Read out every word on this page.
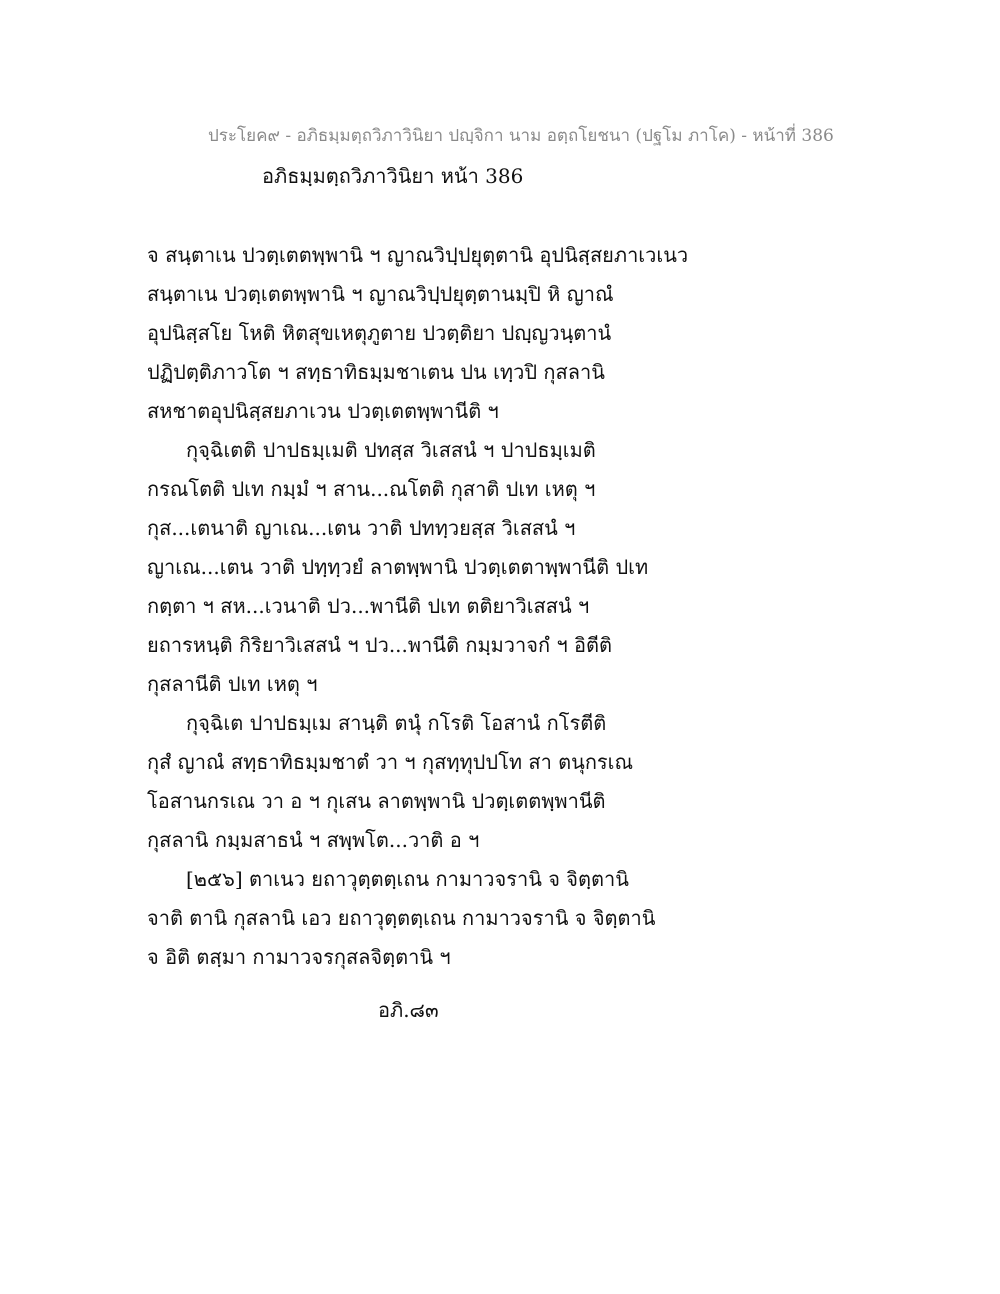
ประโยค๙ - อภิธมฺมตฺถวิภาวินิยา ปญฺจิกา นาม อตฺถโยชนา (ปฐโม ภาโค) - หน้าที่ 386
อภิธมฺมตฺถวิภาวินิยา หน้า 386
จ สนฺตาเน ปวตฺเตตพฺพานิ ฯ ญาณวิปฺปยุตฺตานิ อุปนิสฺสยภาเวเนว
สนฺตาเน ปวตฺเตตพฺพานิ ฯ ญาณวิปฺปยุตฺตานมฺปิ หิ ญาณํ
อุปนิสฺสโย โหติ หิตสุขเหตุภูตาย ปวตฺติยา ปญฺญวนฺตานํ
ปฏิปตฺติภาวโต ฯ สทฺธาทิธมฺมชาเตน ปน เทฺวปิ กุสลานิ
สหชาตอุปนิสฺสยภาเวน ปวตฺเตตพฺพานีติ ฯ
กุจฺฉิเตติ ปาปธมฺเมติ ปทสฺส วิเสสนํ ฯ ปาปธมฺเมติ
กรณโตติ ปเท กมฺมํ ฯ สาน...ณโตติ กุสาติ ปเท เหตุ ฯ
กุส...เตนาติ ญาเณ...เตน วาติ ปททฺวยสฺส วิเสสนํ ฯ
ญาเณ...เตน วาติ ปทฺทฺวยํ ลาตพฺพานิ ปวตฺเตตาพฺพานีติ ปเท
กตฺตา ฯ สห...เวนาติ ปว...พานีติ ปเท ตติยาวิเสสนํ ฯ
ยถารหนฺติ กิริยาวิเสสนํ ฯ ปว...พานีติ กมฺมวาจกํ ฯ อิตีติ
กุสลานีติ ปเท เหตุ ฯ
กุจฺฉิเต ปาปธมฺเม สานฺติ ตนุํ กโรติ โอสานํ กโรตีติ
กุสํ ญาณํ สทฺธาทิธมฺมชาตํ วา ฯ กุสทฺทุปปโท สา ตนุกรเณ
โอสานกรเณ วา อ ฯ กุเสน ลาตพฺพานิ ปวตฺเตตพฺพานีติ
กุสลานิ กมฺมสาธนํ ฯ สพฺพโต...วาติ อ ฯ
[๒๕๖] ตาเนว ยถาวุตฺตตฺเถน กามาวจรานิ จ จิตฺตานิ
จาติ ตานิ กุสลานิ เอว ยถาวุตฺตตฺเถน กามาวจรานิ จ จิตฺตานิ
จ อิติ ตสฺมา กามาวจรกุสลจิตฺตานิ ฯ
อภิ.๘๓
